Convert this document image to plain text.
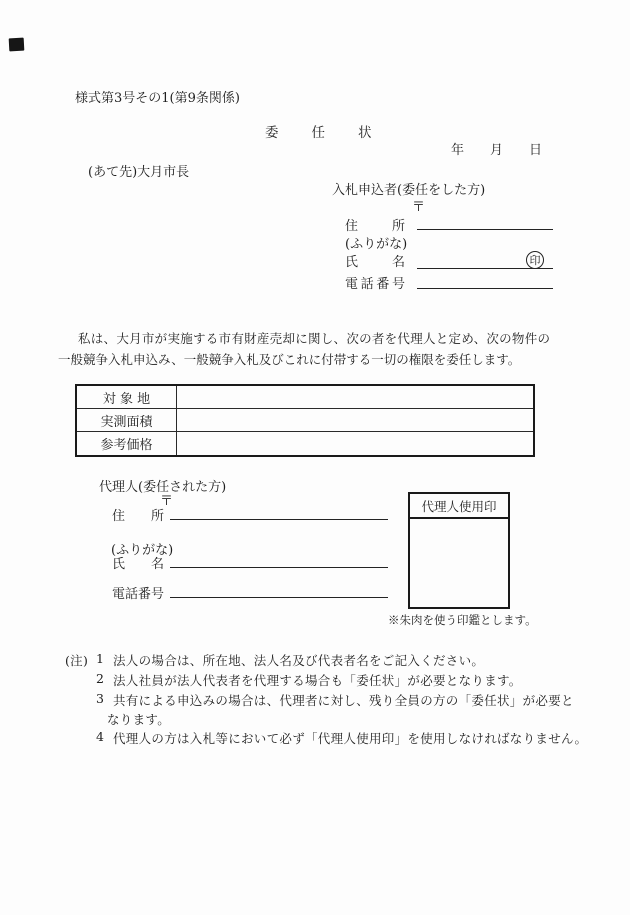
様式第3号その1(第9条関係)
委 任 状
年　　月　　日
(あて先)大月市長
入札申込者(委任をした方)
〒
住所
(ふりがな)
氏名	印
電話番号
私は、大月市が実施する市有財産売却に関し、次の者を代理人と定め、次の物件の一般競争入札申込み、一般競争入札及びこれに付帯する一切の権限を委任します。
対 象 地
実測面積
参考価格
代理人(委任された方)
〒
住所
(ふりがな)
氏名
電話番号
代理人使用印
※朱肉を使う印鑑とします。
(注) 1 法人の場合は、所在地、法人名及び代表者名をご記入ください。
2 法人社員が法人代表者を代理する場合も「委任状」が必要となります。
3 共有による申込みの場合は、代理者に対し、残り全員の方の「委任状」が必要と
なります。
4 代理人の方は入札等において必ず「代理人使用印」を使用しなければなりません。
